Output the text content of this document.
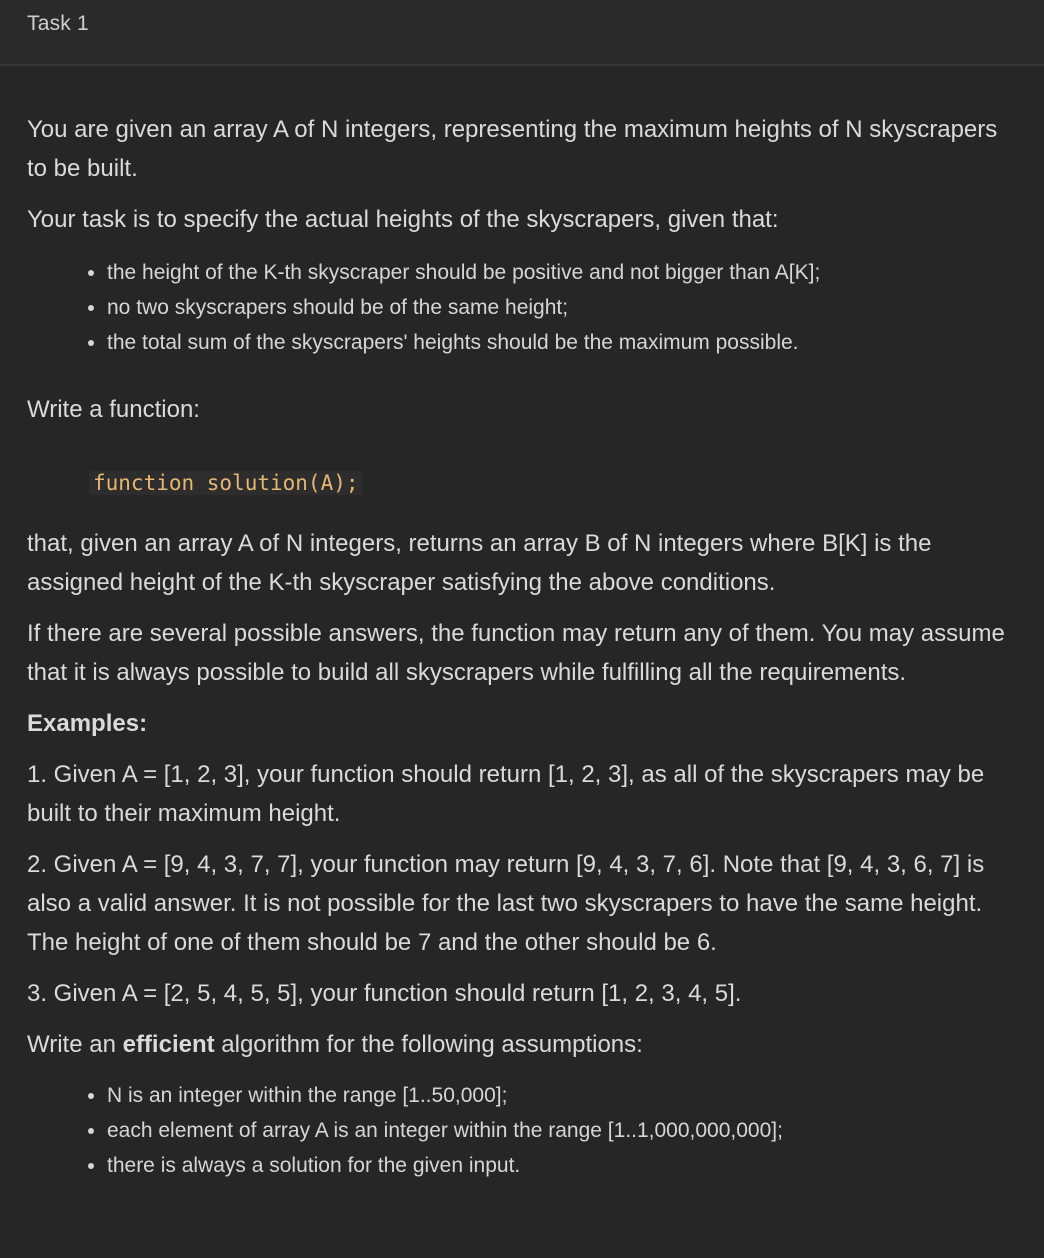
Task 1

You are given an array A of N integers, representing the maximum heights of N skyscrapers to be built.

Your task is to specify the actual heights of the skyscrapers, given that:

• the height of the K-th skyscraper should be positive and not bigger than A[K];
• no two skyscrapers should be of the same height;
• the total sum of the skyscrapers' heights should be the maximum possible.

Write a function:

function solution(A);

that, given an array A of N integers, returns an array B of N integers where B[K] is the assigned height of the K-th skyscraper satisfying the above conditions.

If there are several possible answers, the function may return any of them. You may assume that it is always possible to build all skyscrapers while fulfilling all the requirements.

Examples:

1. Given A = [1, 2, 3], your function should return [1, 2, 3], as all of the skyscrapers may be built to their maximum height.

2. Given A = [9, 4, 3, 7, 7], your function may return [9, 4, 3, 7, 6]. Note that [9, 4, 3, 6, 7] is also a valid answer. It is not possible for the last two skyscrapers to have the same height. The height of one of them should be 7 and the other should be 6.

3. Given A = [2, 5, 4, 5, 5], your function should return [1, 2, 3, 4, 5].

Write an efficient algorithm for the following assumptions:

• N is an integer within the range [1..50,000];
• each element of array A is an integer within the range [1..1,000,000,000];
• there is always a solution for the given input.
